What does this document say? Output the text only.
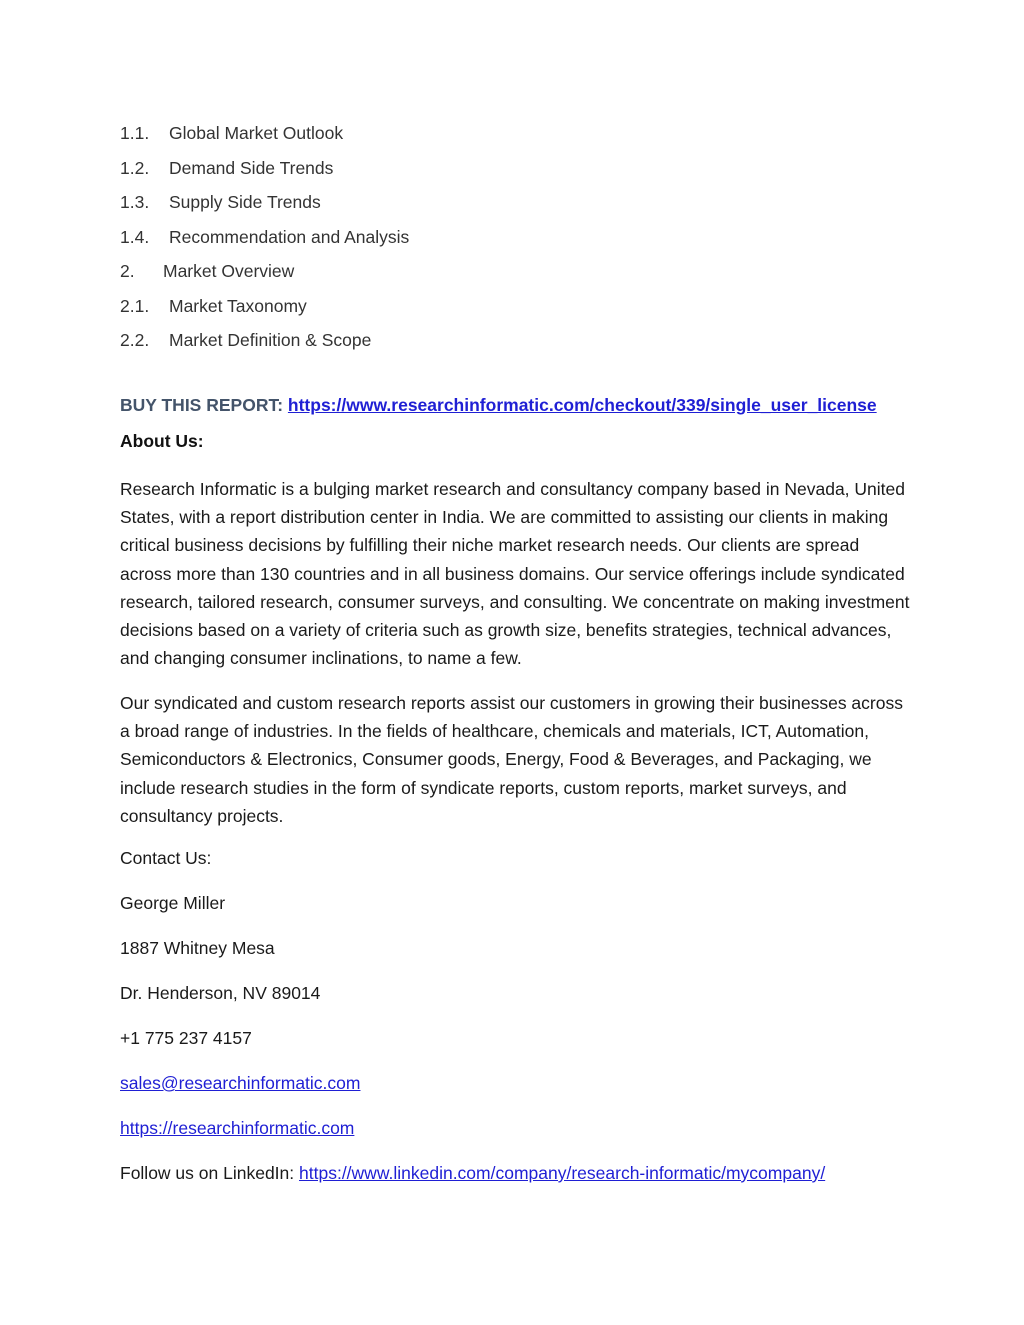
1.1. Global Market Outlook
1.2. Demand Side Trends
1.3. Supply Side Trends
1.4. Recommendation and Analysis
2. Market Overview
2.1. Market Taxonomy
2.2. Market Definition & Scope
BUY THIS REPORT: https://www.researchinformatic.com/checkout/339/single_user_license
About Us:
Research Informatic is a bulging market research and consultancy company based in Nevada, United States, with a report distribution center in India. We are committed to assisting our clients in making critical business decisions by fulfilling their niche market research needs. Our clients are spread across more than 130 countries and in all business domains. Our service offerings include syndicated research, tailored research, consumer surveys, and consulting. We concentrate on making investment decisions based on a variety of criteria such as growth size, benefits strategies, technical advances, and changing consumer inclinations, to name a few.
Our syndicated and custom research reports assist our customers in growing their businesses across a broad range of industries. In the fields of healthcare, chemicals and materials, ICT, Automation, Semiconductors & Electronics, Consumer goods, Energy, Food & Beverages, and Packaging, we include research studies in the form of syndicate reports, custom reports, market surveys, and consultancy projects.
Contact Us:
George Miller
1887 Whitney Mesa
Dr. Henderson, NV 89014
+1 775 237 4157
sales@researchinformatic.com
https://researchinformatic.com
Follow us on LinkedIn: https://www.linkedin.com/company/research-informatic/mycompany/
